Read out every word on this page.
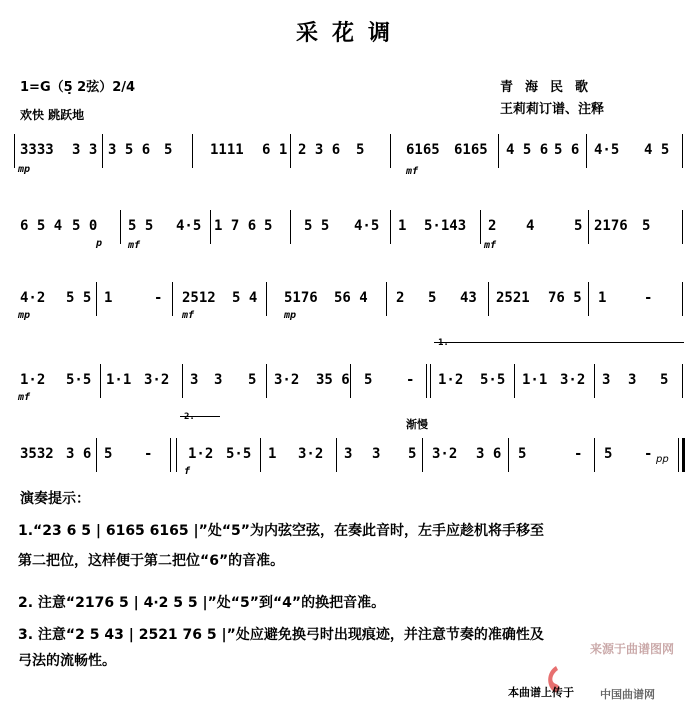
采花调
1=G（5̣ 2弦）2/4
欢快 跳跃地
青海民歌
王莉莉订谱、注释
3333 3 3 3 5 6 5	1111 6 1 2 3 6 5	6165 6165 4 5 6 5 6 4·5 4 5
mp	mf
6 5 4 5 0 5 5 4·5 1 7 6 5 5 5 4·5 1 5·143 2 4	5 2176 5
p	mf	mf
4·2 5 5 1	- 2512 5 4 5176 56 4 2 5 43 2521 76 5 1	-
mp	mf	mp
1·2 5·5 1·1 3·2 3 3 5 3·2 35 6 5 - 1·2 5·5 1·1 3·2 3 3 5
mf
1.
3532 3 6 5 -	1·2 5·5 1 3·2 3 3 5 3·2 3 6 5	- 5 -
f
渐慢
2.
pp
演奏提示：
1.“23 6 5 | 6165 6165 |”处“5”为内弦空弦，在奏此音时，左手应趁机将手移至
第二把位，这样便于第二把位“6”的音准。
2. 注意“2176 5 | 4·2 5 5 |”处“5”到“4”的换把音准。
3. 注意“2 5 43 | 2521 76 5 |”处应避免换弓时出现痕迹，并注意节奏的准确性及
弓法的流畅性。
来源于曲谱图网
本曲谱上传于 中国曲谱网
